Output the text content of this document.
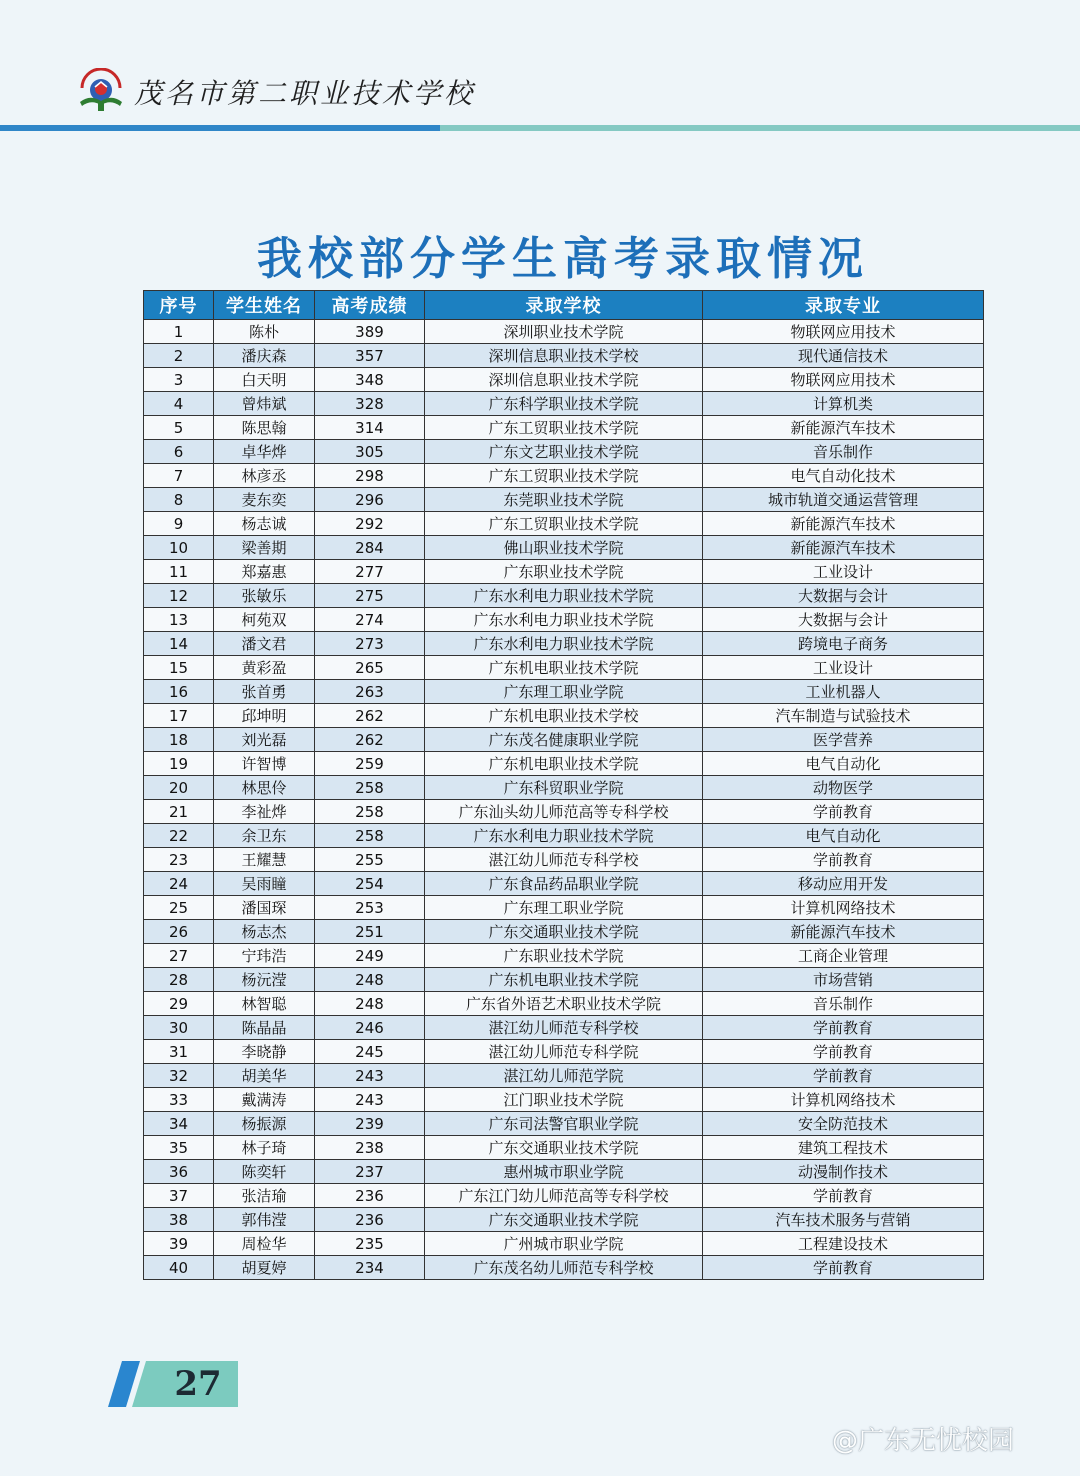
茂名市第二职业技术学校
我校部分学生高考录取情况
序号	学生姓名	高考成绩	录取学校	录取专业
1	陈朴	389	深圳职业技术学院	物联网应用技术
2	潘庆森	357	深圳信息职业技术学校	现代通信技术
3	白天明	348	深圳信息职业技术学院	物联网应用技术
4	曾炜斌	328	广东科学职业技术学院	计算机类
5	陈思翰	314	广东工贸职业技术学院	新能源汽车技术
6	卓华烨	305	广东文艺职业技术学院	音乐制作
7	林彦丞	298	广东工贸职业技术学院	电气自动化技术
8	麦东奕	296	东莞职业技术学院	城市轨道交通运营管理
9	杨志诚	292	广东工贸职业技术学院	新能源汽车技术
10	梁善期	284	佛山职业技术学院	新能源汽车技术
11	郑嘉惠	277	广东职业技术学院	工业设计
12	张敏乐	275	广东水利电力职业技术学院	大数据与会计
13	柯苑双	274	广东水利电力职业技术学院	大数据与会计
14	潘文君	273	广东水利电力职业技术学院	跨境电子商务
15	黄彩盈	265	广东机电职业技术学院	工业设计
16	张首勇	263	广东理工职业学院	工业机器人
17	邱坤明	262	广东机电职业技术学校	汽车制造与试验技术
18	刘光磊	262	广东茂名健康职业学院	医学营养
19	许智博	259	广东机电职业技术学院	电气自动化
20	林思伶	258	广东科贸职业学院	动物医学
21	李祉烨	258	广东汕头幼儿师范高等专科学校	学前教育
22	余卫东	258	广东水利电力职业技术学院	电气自动化
23	王耀慧	255	湛江幼儿师范专科学校	学前教育
24	吴雨瞳	254	广东食品药品职业学院	移动应用开发
25	潘国琛	253	广东理工职业学院	计算机网络技术
26	杨志杰	251	广东交通职业技术学院	新能源汽车技术
27	宁玮浩	249	广东职业技术学院	工商企业管理
28	杨沅滢	248	广东机电职业技术学院	市场营销
29	林智聪	248	广东省外语艺术职业技术学院	音乐制作
30	陈晶晶	246	湛江幼儿师范专科学校	学前教育
31	李晓静	245	湛江幼儿师范专科学院	学前教育
32	胡美华	243	湛江幼儿师范学院	学前教育
33	戴满涛	243	江门职业技术学院	计算机网络技术
34	杨振源	239	广东司法警官职业学院	安全防范技术
35	林子琦	238	广东交通职业技术学院	建筑工程技术
36	陈奕轩	237	惠州城市职业学院	动漫制作技术
37	张洁瑜	236	广东江门幼儿师范高等专科学校	学前教育
38	郭伟滢	236	广东交通职业技术学院	汽车技术服务与营销
39	周检华	235	广州城市职业学院	工程建设技术
40	胡夏婷	234	广东茂名幼儿师范专科学校	学前教育
27
@广东无忧校园
